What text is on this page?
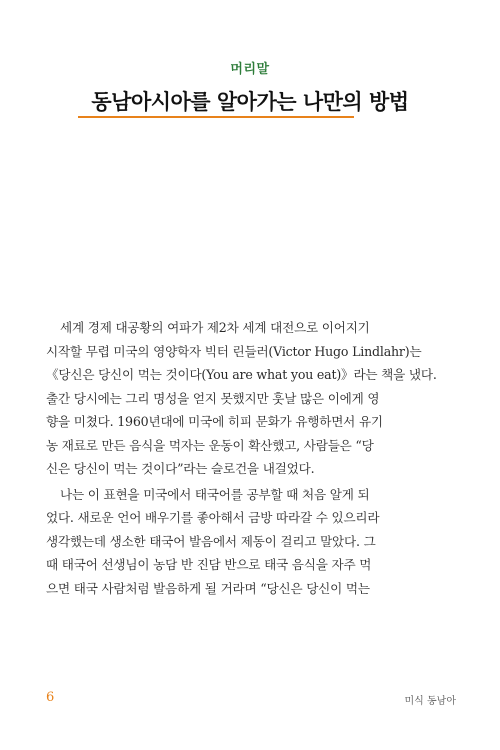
머리말
동남아시아를 알아가는 나만의 방법
세계 경제 대공황의 여파가 제2차 세계 대전으로 이어지기
시작할 무렵 미국의 영양학자 빅터 린들러(Victor Hugo Lindlahr)는
《당신은 당신이 먹는 것이다(You are what you eat)》라는 책을 냈다.
출간 당시에는 그리 명성을 얻지 못했지만 훗날 많은 이에게 영
향을 미쳤다. 1960년대에 미국에 히피 문화가 유행하면서 유기
농 재료로 만든 음식을 먹자는 운동이 확산했고, 사람들은 “당
신은 당신이 먹는 것이다”라는 슬로건을 내걸었다.
나는 이 표현을 미국에서 태국어를 공부할 때 처음 알게 되
었다. 새로운 언어 배우기를 좋아해서 금방 따라갈 수 있으리라
생각했는데 생소한 태국어 발음에서 제동이 걸리고 말았다. 그
때 태국어 선생님이 농담 반 진담 반으로 태국 음식을 자주 먹
으면 태국 사람처럼 발음하게 될 거라며 “당신은 당신이 먹는
6	미식 동남아
